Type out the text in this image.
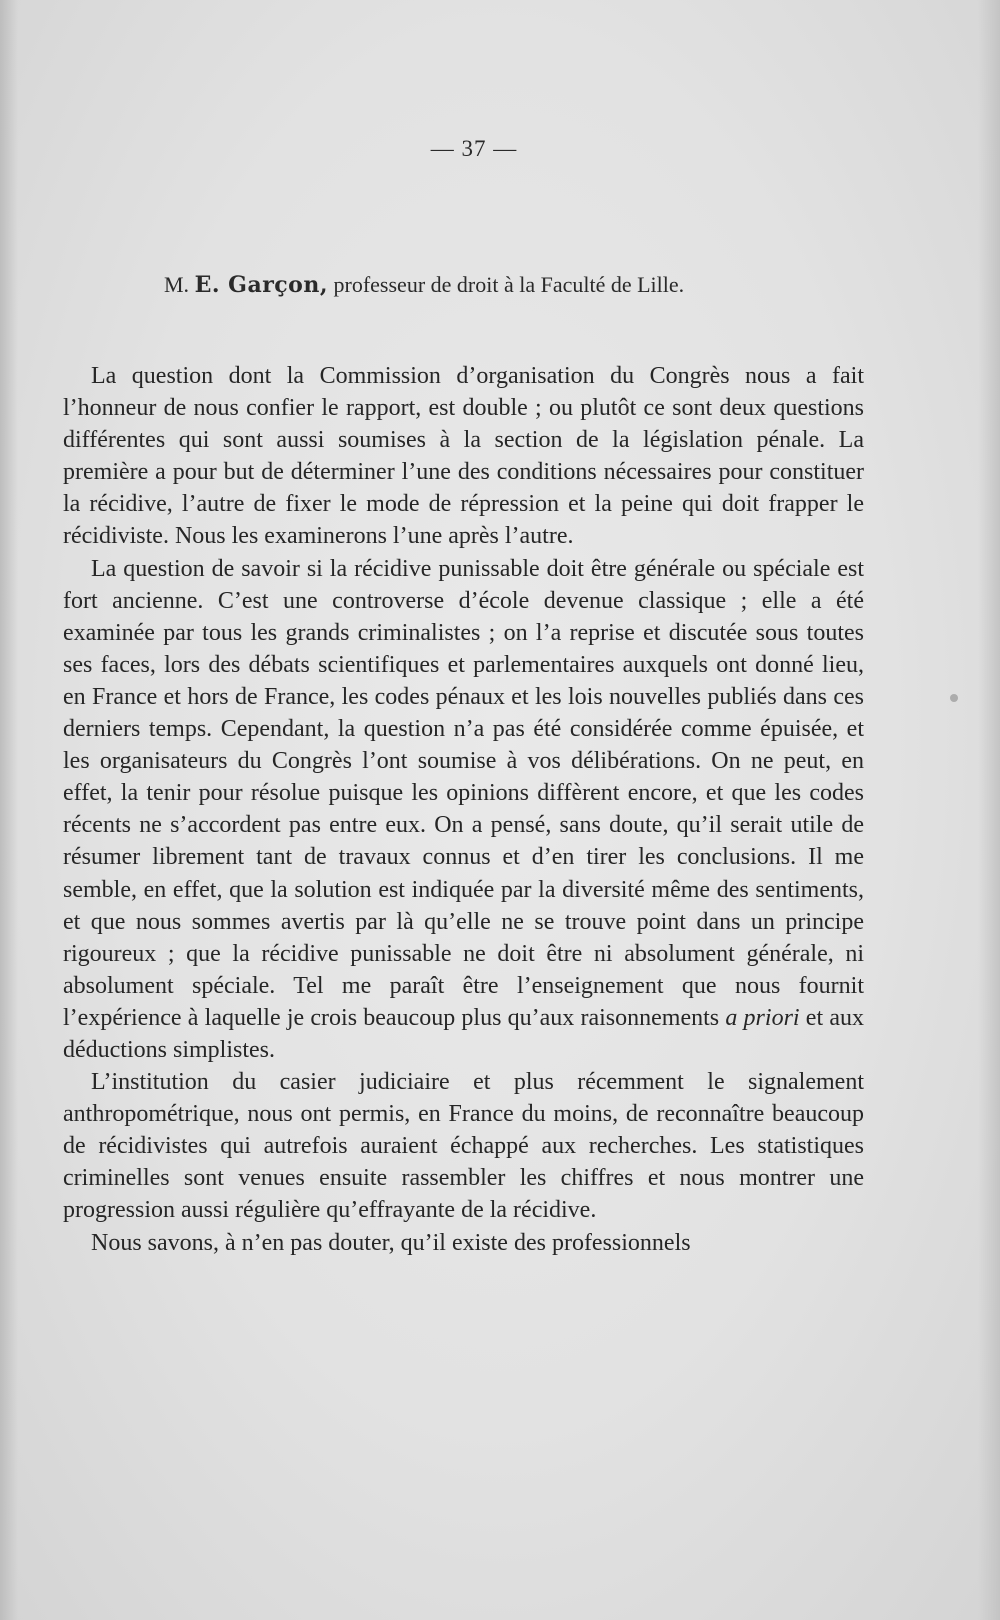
— 37 —
M. E. Garçon, professeur de droit à la Faculté de Lille.

La question dont la Commission d’organisation du Congrès nous a fait l’honneur de nous confier le rapport, est double ; ou plutôt ce sont deux questions différentes qui sont aussi soumises à la section de la législation pénale. La première a pour but de déterminer l’une des conditions nécessaires pour constituer la récidive, l’autre de fixer le mode de répression et la peine qui doit frapper le récidiviste. Nous les examinerons l’une après l’autre.

La question de savoir si la récidive punissable doit être générale ou spéciale est fort ancienne. C’est une controverse d’école devenue classique ; elle a été examinée par tous les grands criminalistes ; on l’a reprise et discutée sous toutes ses faces, lors des débats scientifiques et parlementaires auxquels ont donné lieu, en France et hors de France, les codes pénaux et les lois nouvelles publiés dans ces derniers temps. Cependant, la question n’a pas été considérée comme épuisée, et les organisateurs du Congrès l’ont soumise à vos délibérations. On ne peut, en effet, la tenir pour résolue puisque les opinions diffèrent encore, et que les codes récents ne s’accordent pas entre eux. On a pensé, sans doute, qu’il serait utile de résumer librement tant de travaux connus et d’en tirer les conclusions. Il me semble, en effet, que la solution est indiquée par la diversité même des sentiments, et que nous sommes avertis par là qu’elle ne se trouve point dans un principe rigoureux ; que la récidive punissable ne doit être ni absolument générale, ni absolument spéciale. Tel me paraît être l’enseignement que nous fournit l’expérience à laquelle je crois beaucoup plus qu’aux raisonnements a priori et aux déductions simplistes.

L’institution du casier judiciaire et plus récemment le signalement anthropométrique, nous ont permis, en France du moins, de reconnaître beaucoup de récidivistes qui autrefois auraient échappé aux recherches. Les statistiques criminelles sont venues ensuite rassembler les chiffres et nous montrer une progression aussi régulière qu’effrayante de la récidive.

Nous savons, à n’en pas douter, qu’il existe des professionnels
